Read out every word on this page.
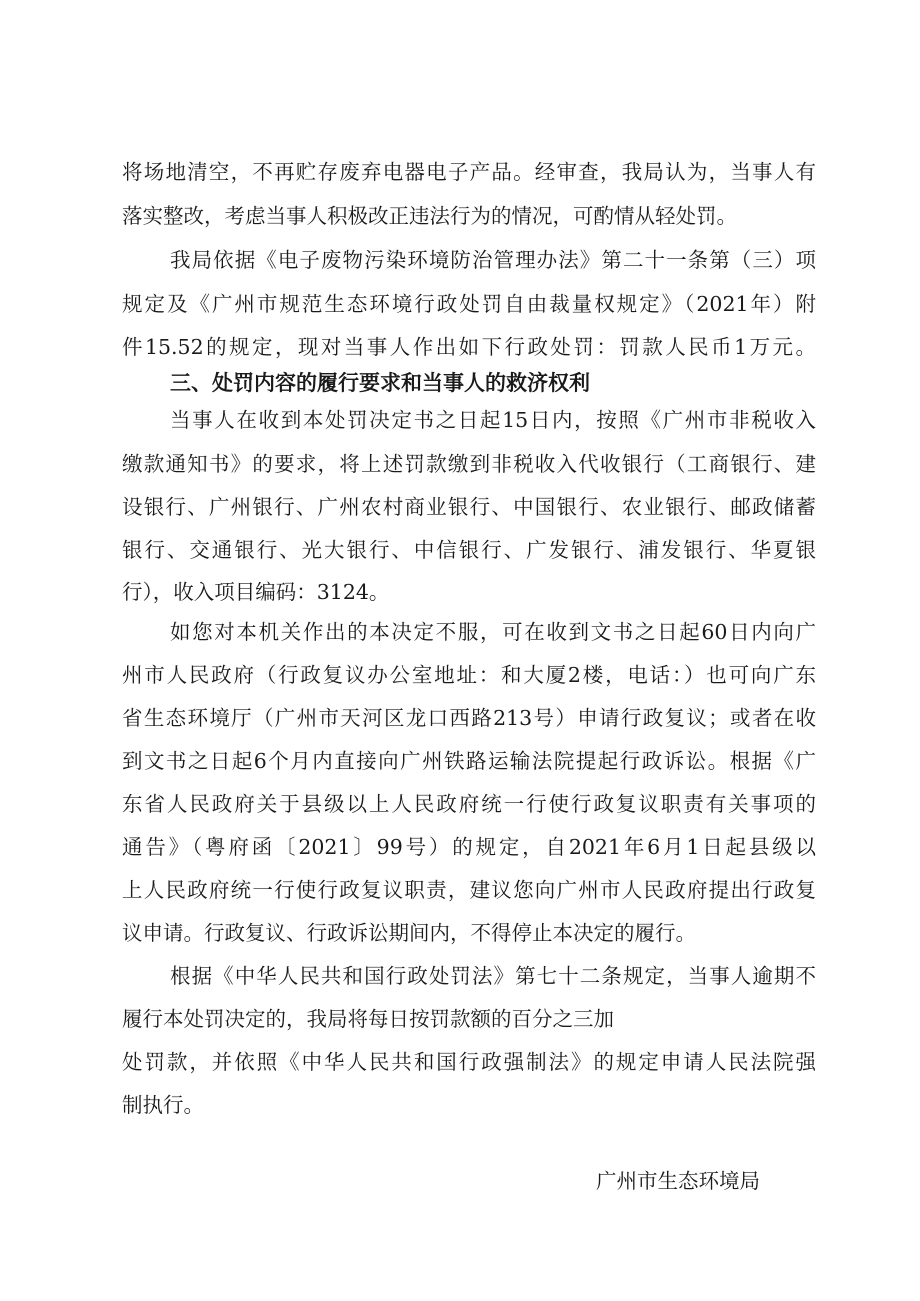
将场地清空，不再贮存废弃电器电子产品。经审查，我局认为，当事人有
落实整改，考虑当事人积极改正违法行为的情况，可酌情从轻处罚。
我局依据《电子废物污染环境防治管理办法》第二十一条第（三）项
规定及《广州市规范生态环境行政处罚自由裁量权规定》（2021年）附
件15.52的规定，现对当事人作出如下行政处罚：罚款人民币1万元。
三、处罚内容的履行要求和当事人的救济权利
当事人在收到本处罚决定书之日起15日内，按照《广州市非税收入
缴款通知书》的要求，将上述罚款缴到非税收入代收银行（工商银行、建
设银行、广州银行、广州农村商业银行、中国银行、农业银行、邮政储蓄
银行、交通银行、光大银行、中信银行、广发银行、浦发银行、华夏银
行），收入项目编码：3124。
如您对本机关作出的本决定不服，可在收到文书之日起60日内向广
州市人民政府（行政复议办公室地址：和大厦2楼，电话：）也可向广东
省生态环境厅（广州市天河区龙口西路213号）申请行政复议；或者在收
到文书之日起6个月内直接向广州铁路运输法院提起行政诉讼。根据《广
东省人民政府关于县级以上人民政府统一行使行政复议职责有关事项的
通告》（粤府函〔2021〕99号）的规定，自2021年6月1日起县级以
上人民政府统一行使行政复议职责，建议您向广州市人民政府提出行政复
议申请。行政复议、行政诉讼期间内，不得停止本决定的履行。
根据《中华人民共和国行政处罚法》第七十二条规定，当事人逾期不
履行本处罚决定的，我局将每日按罚款额的百分之三加
处罚款，并依照《中华人民共和国行政强制法》的规定申请人民法院强
制执行。
广州市生态环境局
